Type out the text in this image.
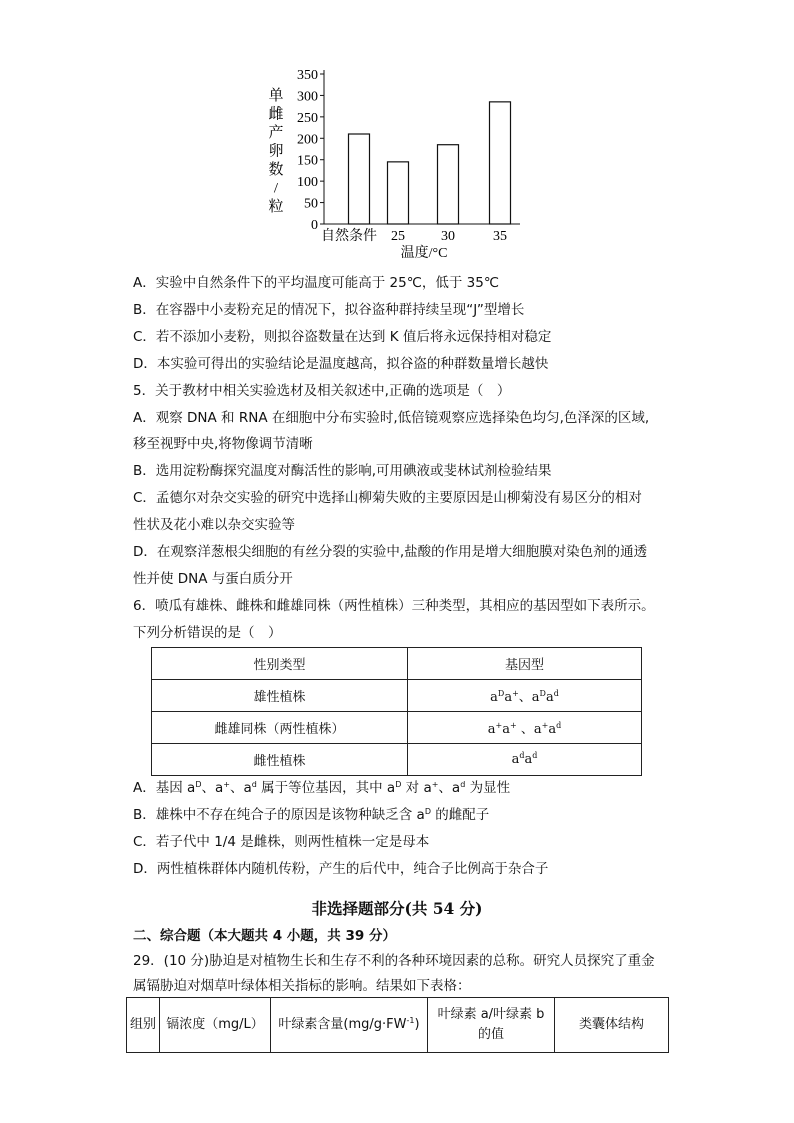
0
50
100
150
200
250
300
350
单
雌
产
卵
数
/
粒
自然条件 25	30	35
温度/°C
A．实验中自然条件下的平均温度可能高于 25℃，低于 35℃
B．在容器中小麦粉充足的情况下，拟谷盗种群持续呈现“J”型增长
C．若不添加小麦粉，则拟谷盗数量在达到 K 值后将永远保持相对稳定
D．本实验可得出的实验结论是温度越高，拟谷盗的种群数量增长越快
5．关于教材中相关实验选材及相关叙述中,正确的选项是（　）
A．观察 DNA 和 RNA 在细胞中分布实验时,低倍镜观察应选择染色均匀,色泽深的区域,
移至视野中央,将物像调节清晰
B．选用淀粉酶探究温度对酶活性的影响,可用碘液或斐林试剂检验结果
C．孟德尔对杂交实验的研究中选择山柳菊失败的主要原因是山柳菊没有易区分的相对
性状及花小难以杂交实验等
D．在观察洋葱根尖细胞的有丝分裂的实验中,盐酸的作用是增大细胞膜对染色剂的通透
性并使 DNA 与蛋白质分开
6．喷瓜有雄株、雌株和雌雄同株（两性植株）三种类型，其相应的基因型如下表所示。
下列分析错误的是（　）
性别类型	基因型
雄性植株	$a^Da^+$、$a^Da^d$
雌雄同株（两性植株）	a+a+ 、$a^+a^d$
雌性植株	$a^da^d$
A．基因 $a^D$、a+、$a^d$ 属于等位基因，其中 $a^D$ 对 a+、$a^d$ 为显性
B．雄株中不存在纯合子的原因是该物种缺乏含 $a^D$ 的雌配子
C．若子代中 1/4 是雌株，则两性植株一定是母本
D．两性植株群体内随机传粉，产生的后代中，纯合子比例高于杂合子
非选择题部分(共 54 分)
二、综合题（本大题共 4 小题，共 39 分）
29．(10 分)胁迫是对植物生长和生存不利的各种环境因素的总称。研究人员探究了重金
属镉胁迫对烟草叶绿体相关指标的影响。结果如下表格：
组别	镉浓度（mg/L）	叶绿素含量$(mg/g\cdot FW^{-1})$	叶绿素 a/叶绿素 b 的值	类囊体结构
